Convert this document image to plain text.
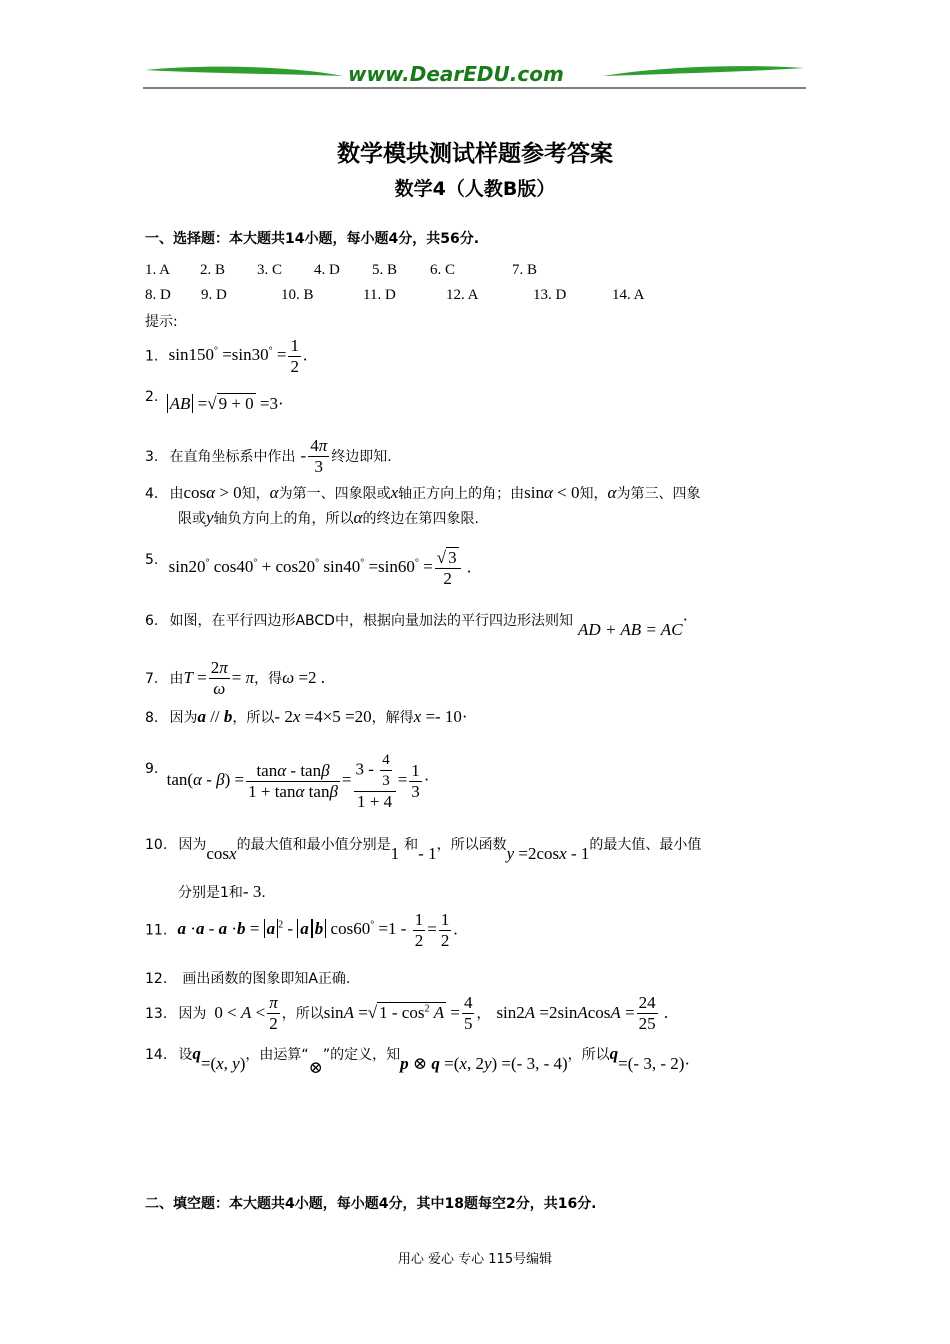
www.DearEDU.com
数学模块测试样题参考答案
数学4（人教B版）
一、选择题：本大题共14小题，每小题4分，共56分.
1. A 2. B 3. C 4. D 5. B 6. C	7. B
8. D 9. D	10. B	11. D	12. A	13. D	14. A
提示:
1. $\sin 150^\circ =\sin 30^\circ = \frac{1}{2}$ .
$^{2.}$ AB =√ 9 + 0 =3·
3. 在直角坐标系中作出 - $\frac{4\pi}{3}$ 终边即知.
4. 由cosα > 0知，α为第一、四象限或x轴正方向上的角；由sinα < 0知，α为第三、四象
限或y轴负方向上的角，所以α的终边在第四象限.
$^{5.}$ sin20° cos40° + cos20° $\sin 40^\circ =\sin 60^\circ = \frac{√ 3}{2}$ .
6. 如图，在平行四边形ABCD中，根据向量加法的平行四边形法则知 AD + AB = AC·
7. 由$T = \frac{2\pi}{\omega} = \pi$，得ω =2 .
8. 因为a // b，所以- 2x =4×5 =20，解得x =- 10·
$^{9.}$ $\tan(\alpha - \beta) = \frac{\tan\alpha - \tan\beta}{\text{1 + tanα tanβ}} = \frac{3 - \frac{4}{3}}{1 + 4} = \frac{1}{3}$ ·
10. 因为cosx的最大值和最小值分别是1 和- 1，所以函数y =2cosx - 1的最大值、最小值
分别是1和- 3.
11. a ·a - a ·b = a $^2$ - a b $\cos 60^\circ =1 - \frac{1}{2} = \frac{1}{2}$ .
12. 画出函数的图象即知A正确.
13. 因为 $0 < A < \frac{\pi}{2}$ ，所以sinA =√ $1 - \cos^2 A = \frac{4}{5}$ ， sin2A =2sinAcosA = $\frac{24}{25}$ .
14. 设q=(x, y)，由运算“⊗”的定义，知p ⊗ q =(x, 2y) =(- 3, - 4)，所以q=(- 3, - 2)·
二、填空题：本大题共4小题，每小题4分，其中18题每空2分，共16分.
用心 爱心 专心 115号编辑
